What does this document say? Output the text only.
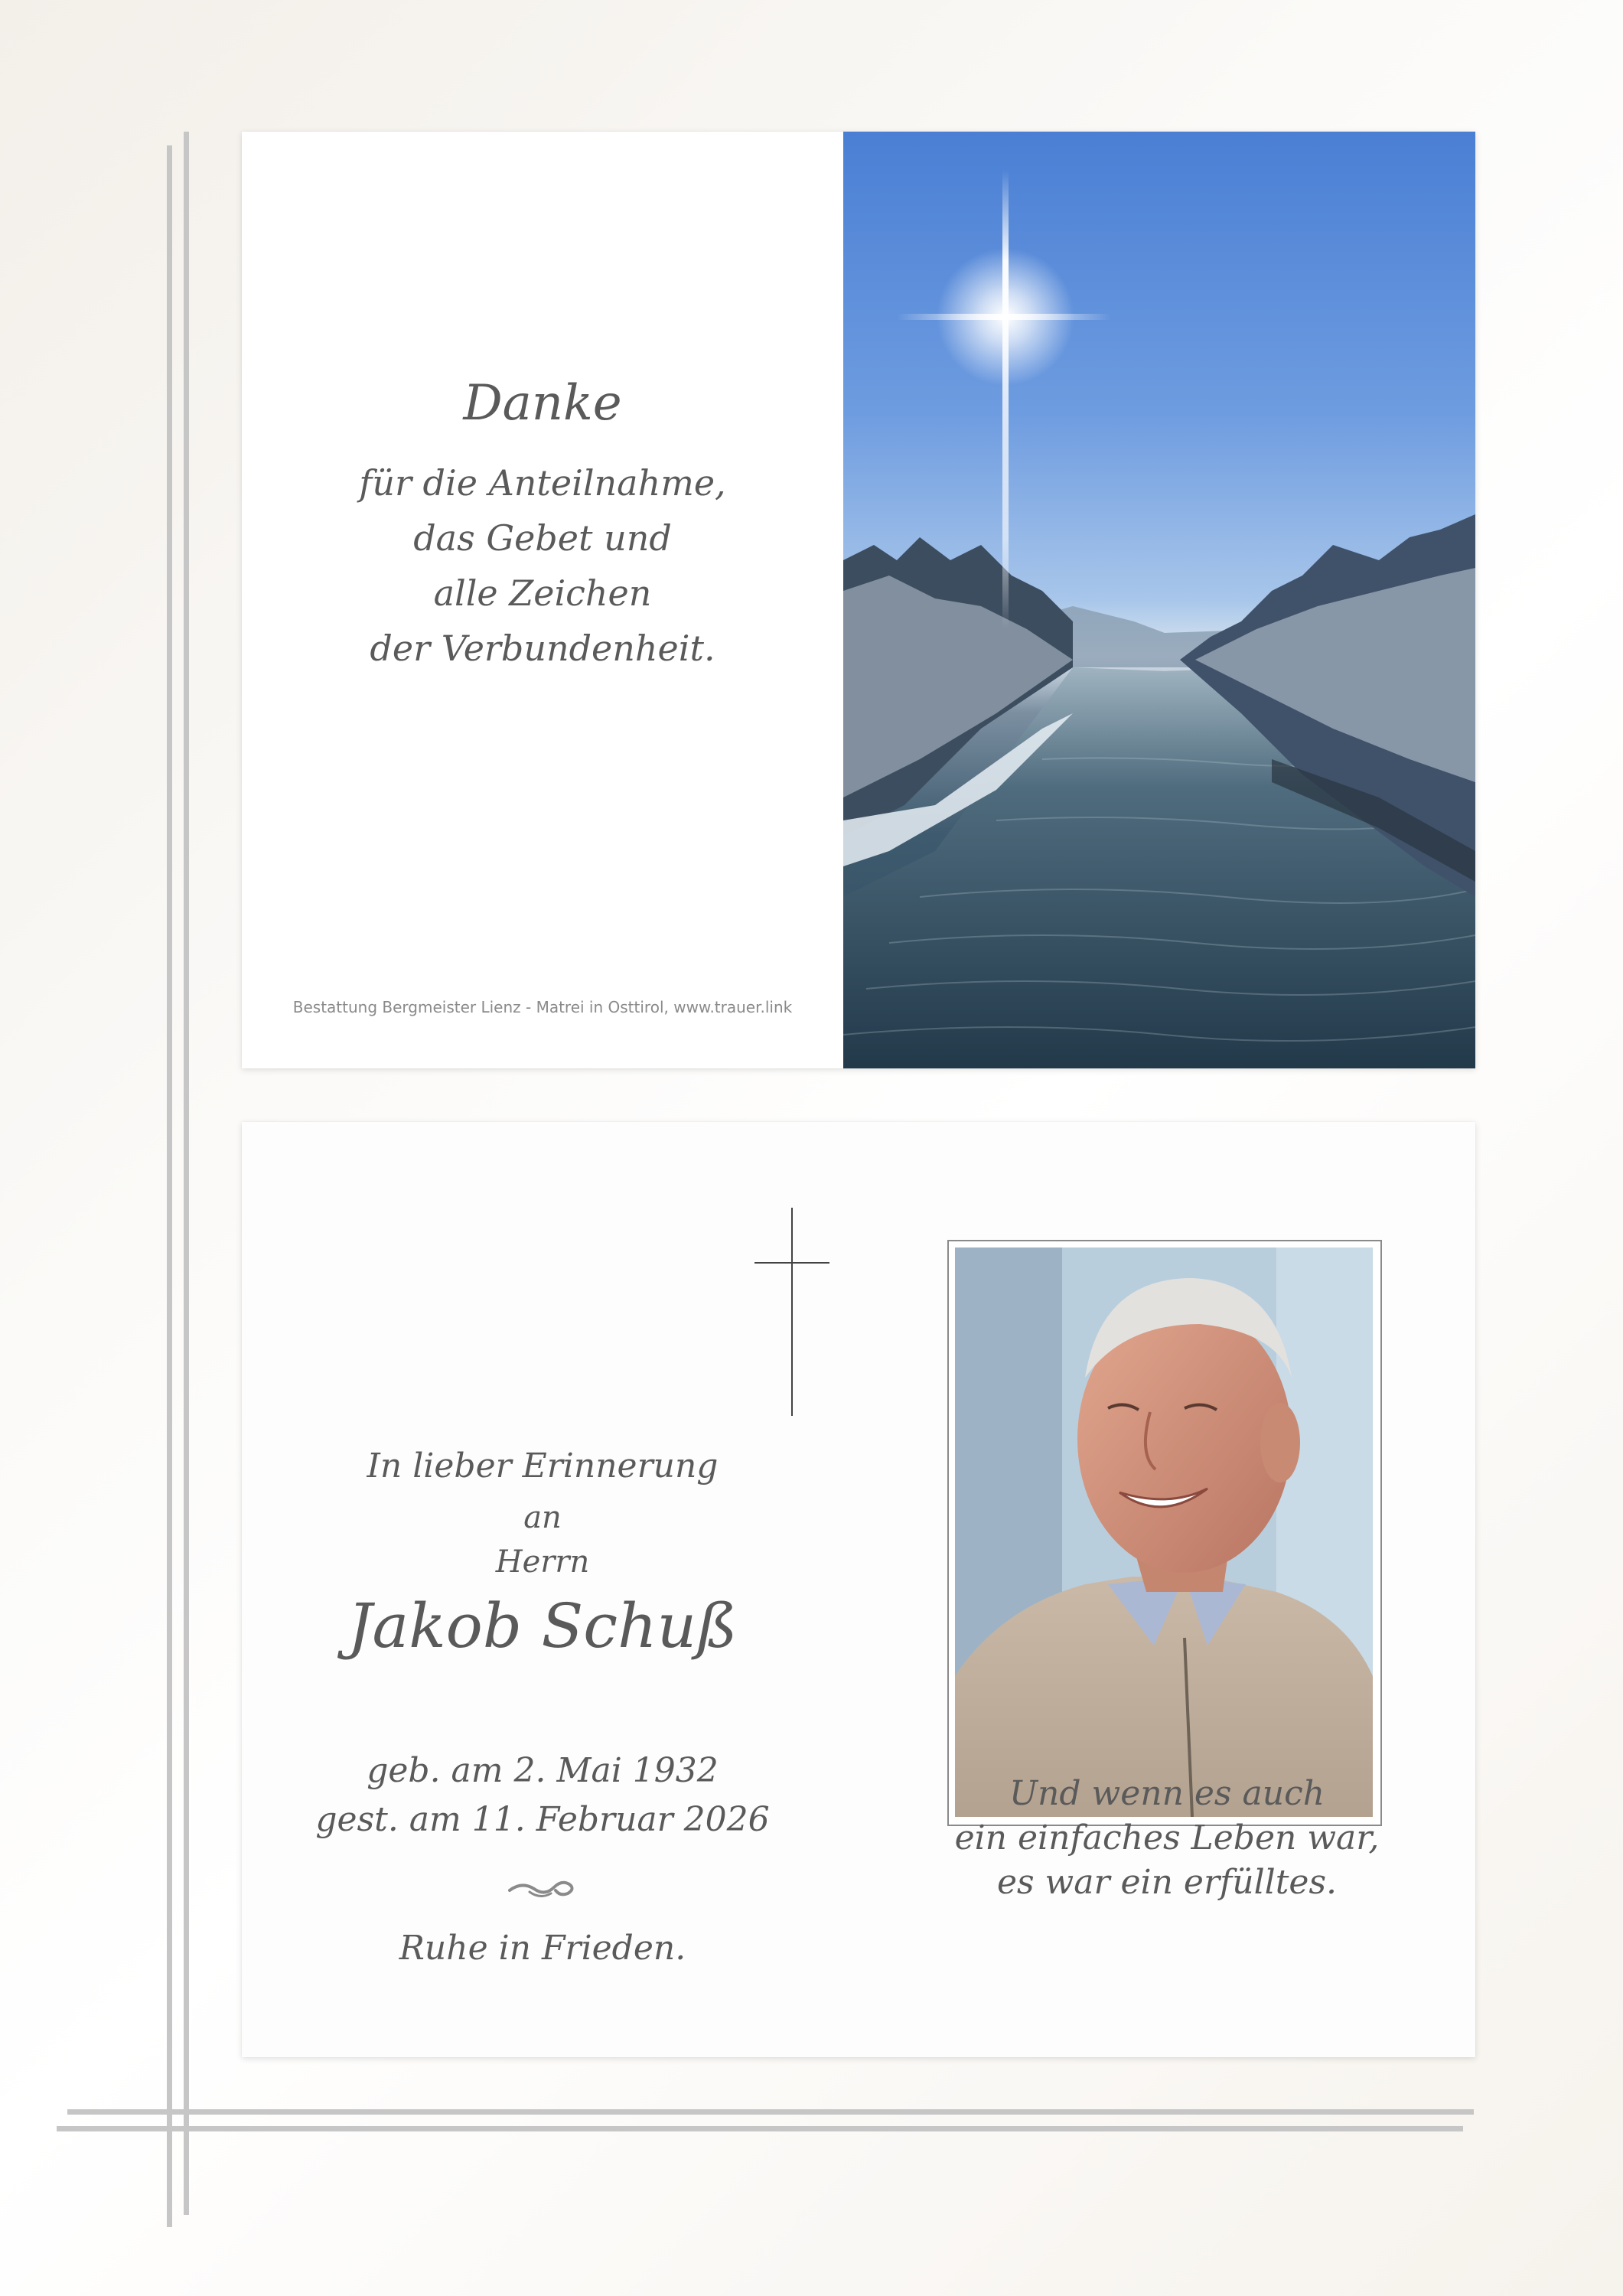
Danke
für die Anteilnahme,
das Gebet und
alle Zeichen
der Verbundenheit.
Bestattung Bergmeister Lienz - Matrei in Osttirol, www.trauer.link
In lieber Erinnerung
an
Herrn
Jakob Schuß
geb. am 2. Mai 1932
gest. am 11. Februar 2026
Ruhe in Frieden.
Und wenn es auch
ein einfaches Leben war,
es war ein erfülltes.
